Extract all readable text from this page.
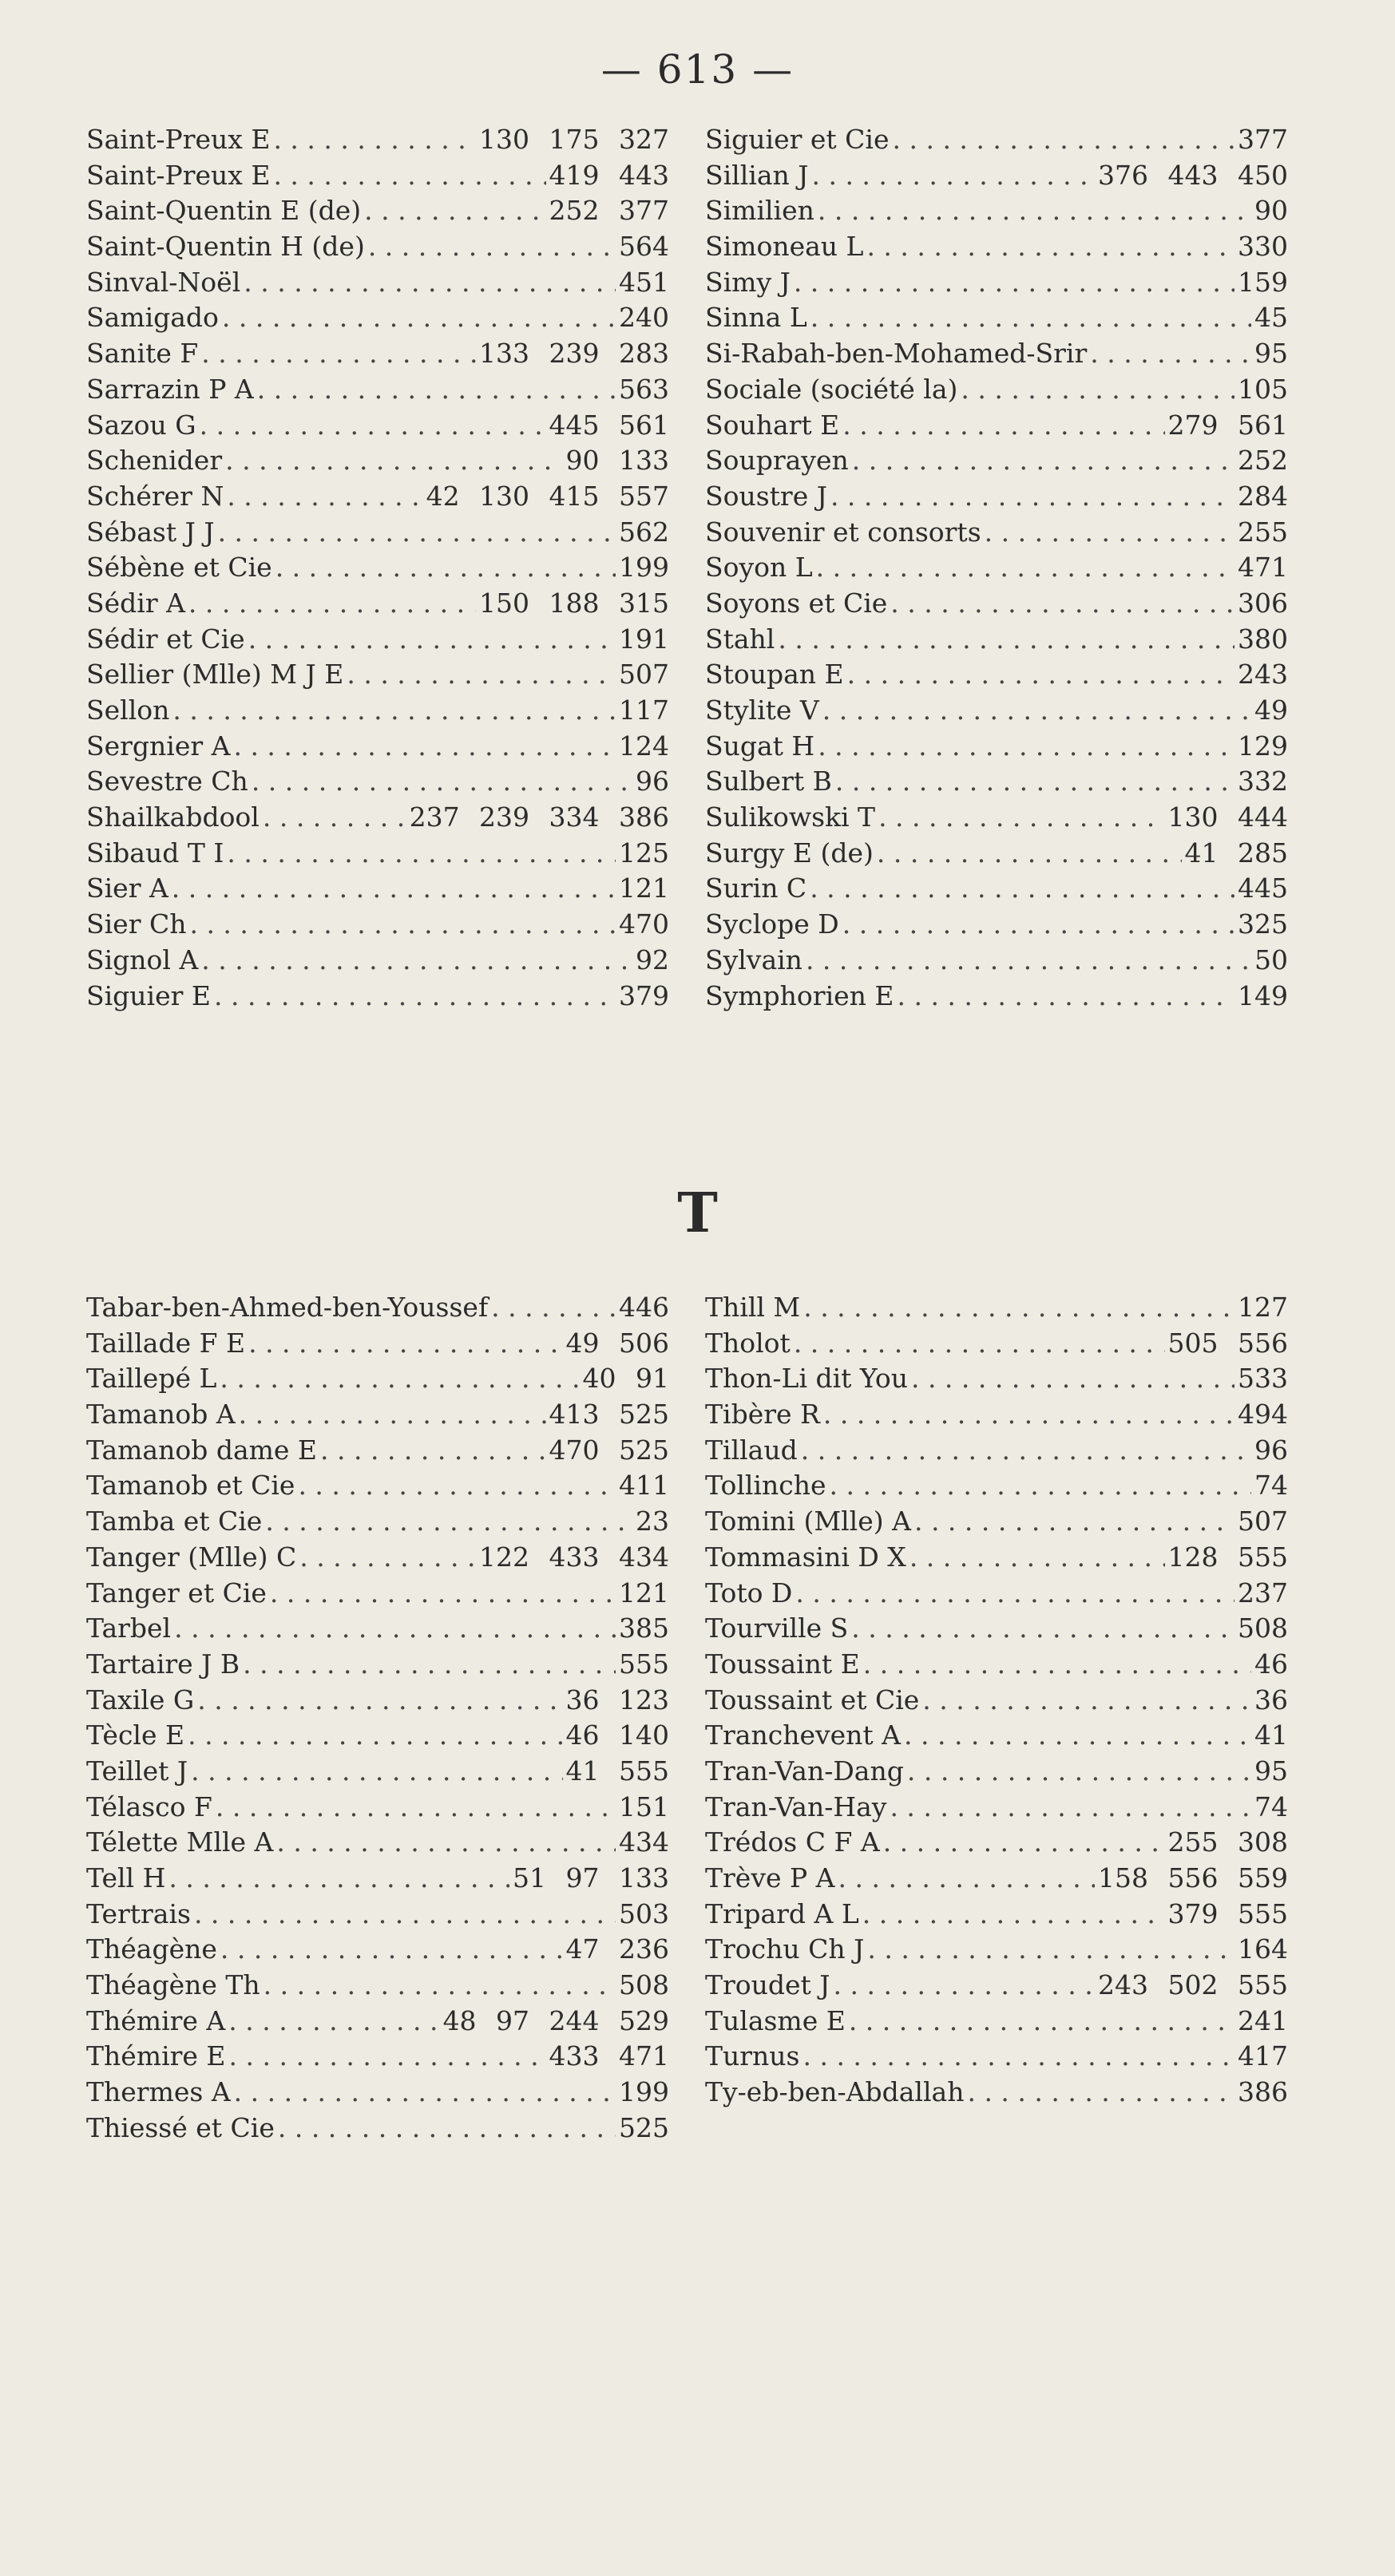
— 613 —
Saint-Preux E . . .	130 175 327
Saint-Preux E . . .	419 443
Saint-Quentin E (de) . . .	252 377
Saint-Quentin H (de) . . .	564
Sinval-Noël . . .	451
Samigado . . .	240
Sanite F . . .	133 239 283
Sarrazin P A . . .	563
Sazou G . . .	445 561
Schenider . . .	90 133
Schérer N . . .	42 130 415 557
Sébast J J . . .	562
Sébène et Cie . . .	199
Sédir A . . .	150 188 315
Sédir et Cie . . .	191
Sellier (Mlle) M J E . . .	507
Sellon . . .	117
Sergnier A . . .	124
Sevestre Ch . . .	96
Shailkabdool . . .	237 239 334 386
Sibaud T I . . .	125
Sier A . . .	121
Sier Ch . . .	470
Signol A . . .	92
Siguier E . . .	379
Siguier et Cie . . .	377
Sillian J . . .	376 443 450
Similien . . .	90
Simoneau L . . .	330
Simy J . . .	159
Sinna L . . .	45
Si-Rabah-ben-Mohamed-Srir . . .	95
Sociale (société la) . . .	105
Souhart E . . .	279 561
Souprayen . . .	252
Soustre J . . .	284
Souvenir et consorts . . .	255
Soyon L . . .	471
Soyons et Cie . . .	306
Stahl . . .	380
Stoupan E . . .	243
Stylite V . . .	49
Sugat H . . .	129
Sulbert B . . .	332
Sulikowski T . . .	130 444
Surgy E (de) . . .	41 285
Surin C . . .	445
Syclope D . . .	325
Sylvain . . .	50
Symphorien E . . .	149
T
Tabar-ben-Ahmed-ben-Youssef . . .	446
Taillade F E . . .	49 506
Taillepé L . . .	40 91
Tamanob A . . .	413 525
Tamanob dame E . . .	470 525
Tamanob et Cie . . .	411
Tamba et Cie . . .	23
Tanger (Mlle) C . . .	122 433 434
Tanger et Cie . . .	121
Tarbel . . .	385
Tartaire J B . . .	555
Taxile G . . .	36 123
Tècle E . . .	46 140
Teillet J . . .	41 555
Télasco F . . .	151
Télette Mlle A . . .	434
Tell H . . .	51 97 133
Tertrais . . .	503
Théagène . . .	47 236
Théagène Th . . .	508
Thémire A . . .	48 97 244 529
Thémire E . . .	433 471
Thermes A . . .	199
Thiessé et Cie . . .	525
Thill M . . .	127
Tholot . . .	505 556
Thon-Li dit You . . .	533
Tibère R . . .	494
Tillaud . . .	96
Tollinche . . .	74
Tomini (Mlle) A . . .	507
Tommasini D X . . .	128 555
Toto D . . .	237
Tourville S . . .	508
Toussaint E . . .	46
Toussaint et Cie . . .	36
Tranchevent A . . .	41
Tran-Van-Dang . . .	95
Tran-Van-Hay . . .	74
Trédos C F A . . .	255 308
Trève P A . . .	158 556 559
Tripard A L . . .	379 555
Trochu Ch J . . .	164
Troudet J . . .	243 502 555
Tulasme E . . .	241
Turnus . . .	417
Ty-eb-ben-Abdallah . . .	386
